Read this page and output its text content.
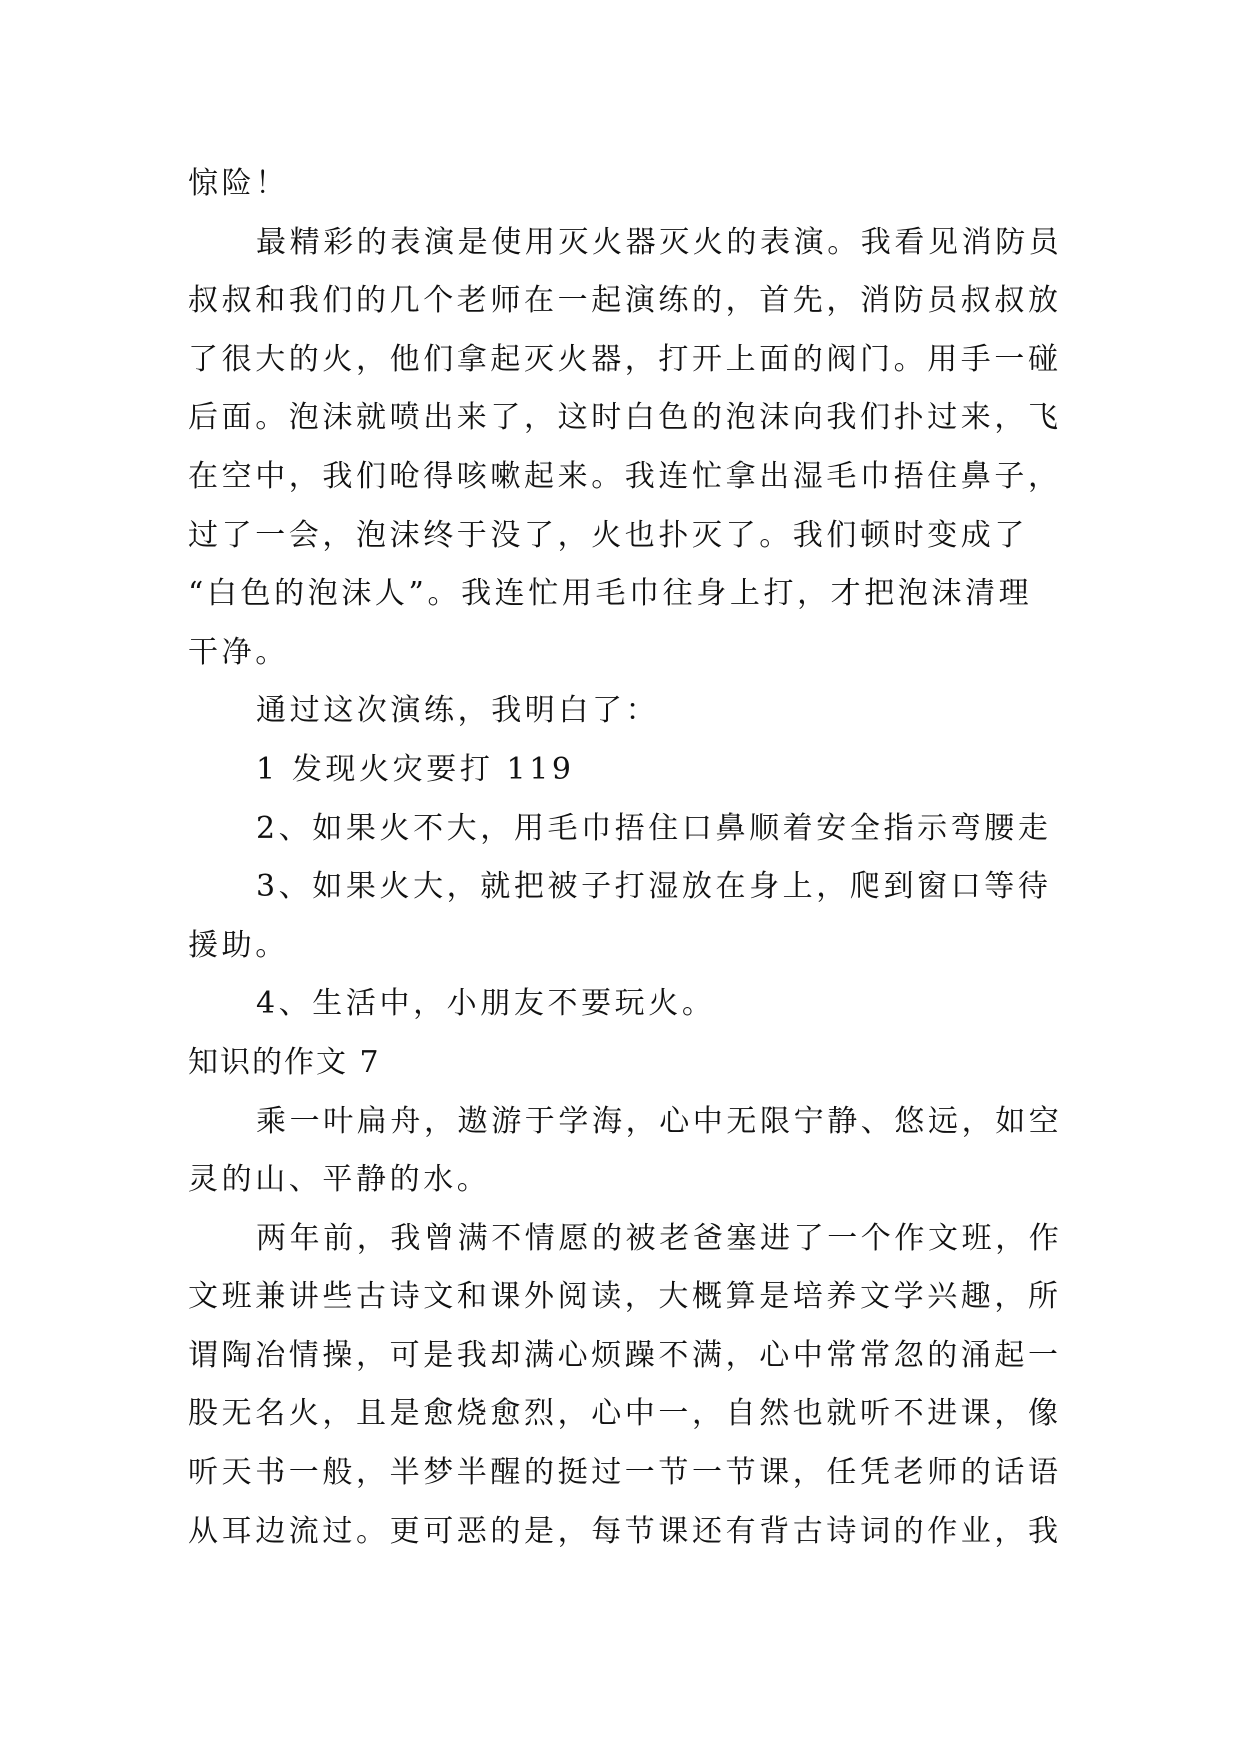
惊险！
最精彩的表演是使用灭火器灭火的表演。我看见消防员
叔叔和我们的几个老师在一起演练的，首先，消防员叔叔放
了很大的火，他们拿起灭火器，打开上面的阀门。用手一碰
后面。泡沫就喷出来了，这时白色的泡沫向我们扑过来，飞
在空中，我们呛得咳嗽起来。我连忙拿出湿毛巾捂住鼻子，
过了一会，泡沫终于没了，火也扑灭了。我们顿时变成了
“白色的泡沫人”。我连忙用毛巾往身上打，才把泡沫清理
干净。
通过这次演练，我明白了：
1 发现火灾要打 119
2、如果火不大，用毛巾捂住口鼻顺着安全指示弯腰走
3、如果火大，就把被子打湿放在身上，爬到窗口等待
援助。
4、生活中，小朋友不要玩火。
知识的作文 7
乘一叶扁舟，遨游于学海，心中无限宁静、悠远，如空
灵的山、平静的水。
两年前，我曾满不情愿的被老爸塞进了一个作文班，作
文班兼讲些古诗文和课外阅读，大概算是培养文学兴趣，所
谓陶冶情操，可是我却满心烦躁不满，心中常常忽的涌起一
股无名火，且是愈烧愈烈，心中一，自然也就听不进课，像
听天书一般，半梦半醒的挺过一节一节课，任凭老师的话语
从耳边流过。更可恶的是，每节课还有背古诗词的作业，我
